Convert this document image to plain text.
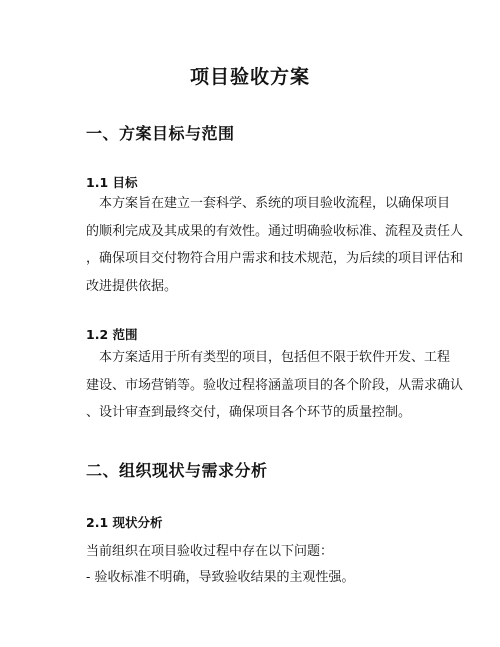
项目验收方案
一、方案目标与范围
1.1 目标
本方案旨在建立一套科学、系统的项目验收流程，以确保项目
的顺利完成及其成果的有效性。通过明确验收标准、流程及责任人
，确保项目交付物符合用户需求和技术规范，为后续的项目评估和
改进提供依据。
1.2 范围
本方案适用于所有类型的项目，包括但不限于软件开发、工程
建设、市场营销等。验收过程将涵盖项目的各个阶段，从需求确认
、设计审查到最终交付，确保项目各个环节的质量控制。
二、组织现状与需求分析
2.1 现状分析
当前组织在项目验收过程中存在以下问题：
- 验收标准不明确，导致验收结果的主观性强。
